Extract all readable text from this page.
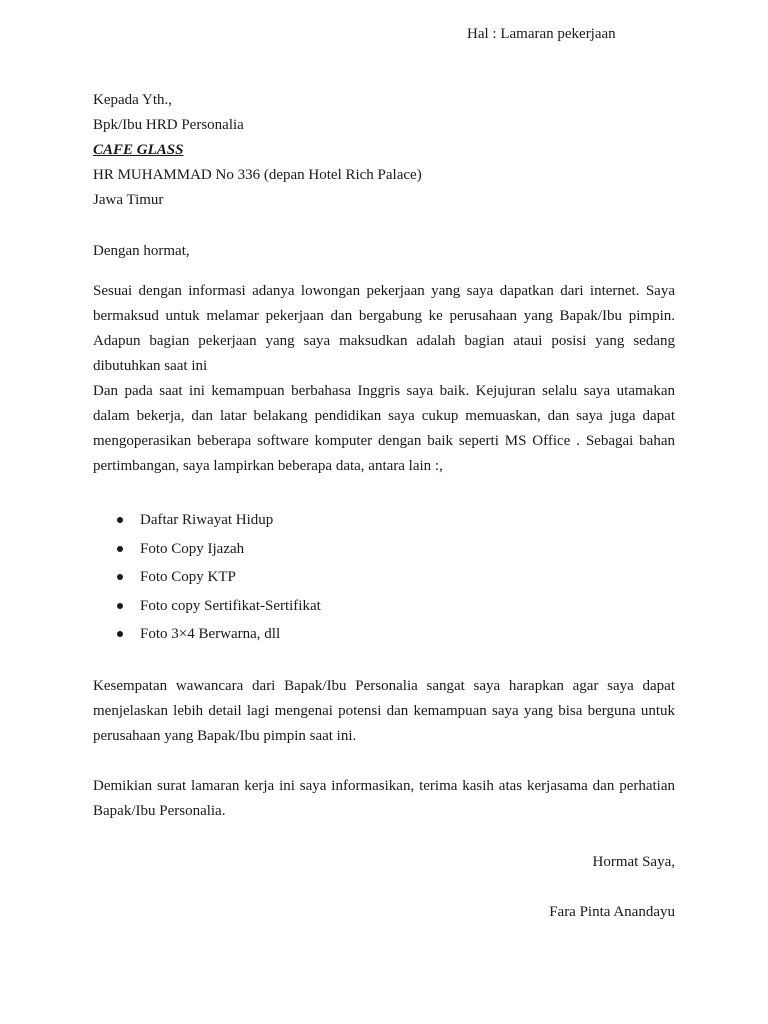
Hal : Lamaran pekerjaan
Kepada Yth.,
Bpk/Ibu HRD Personalia
CAFE GLASS
HR MUHAMMAD No 336 (depan Hotel Rich Palace)
Jawa Timur
Dengan hormat,

Sesuai dengan informasi adanya lowongan pekerjaan yang saya dapatkan dari internet. Saya bermaksud untuk melamar pekerjaan dan bergabung ke perusahaan yang Bapak/Ibu pimpin. Adapun bagian pekerjaan yang saya maksudkan adalah bagian ataui posisi yang sedang dibutuhkan saat ini

Dan pada saat ini kemampuan berbahasa Inggris saya baik. Kejujuran selalu saya utamakan dalam bekerja, dan latar belakang pendidikan saya cukup memuaskan, dan saya juga dapat mengoperasikan beberapa software komputer dengan baik seperti MS Office . Sebagai bahan pertimbangan, saya lampirkan beberapa data, antara lain :,

Daftar Riwayat Hidup
Foto Copy Ijazah
Foto Copy KTP
Foto copy Sertifikat-Sertifikat
Foto 3×4 Berwarna, dll

Kesempatan wawancara dari Bapak/Ibu Personalia sangat saya harapkan agar saya dapat menjelaskan lebih detail lagi mengenai potensi dan kemampuan saya yang bisa berguna untuk perusahaan yang Bapak/Ibu pimpin saat ini.

Demikian surat lamaran kerja ini saya informasikan, terima kasih atas kerjasama dan perhatian Bapak/Ibu Personalia.

Hormat Saya,
Fara Pinta Anandayu
